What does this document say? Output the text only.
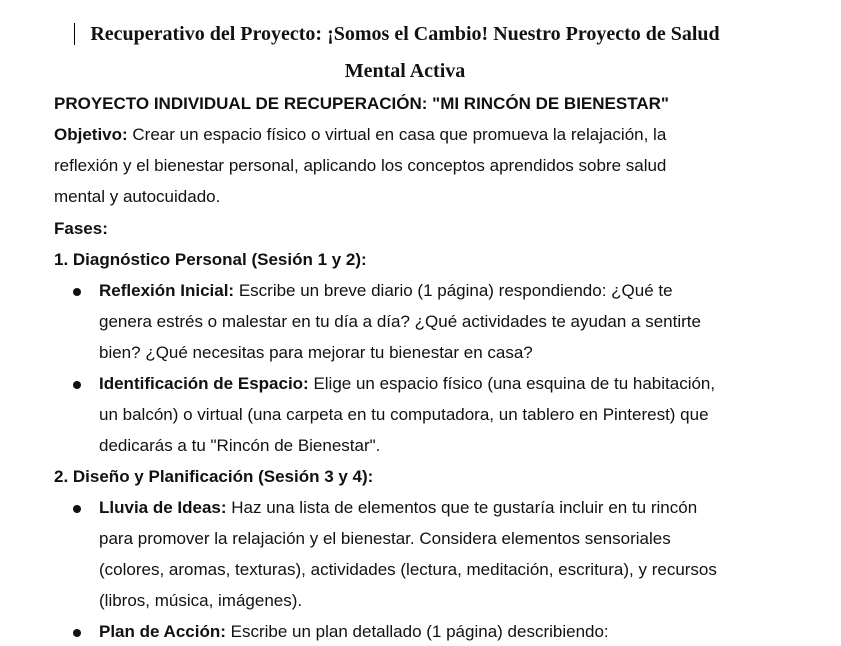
Recuperativo del Proyecto: ¡Somos el Cambio! Nuestro Proyecto de Salud
Mental Activa
PROYECTO INDIVIDUAL DE RECUPERACIÓN: "MI RINCÓN DE BIENESTAR"
Objetivo: Crear un espacio físico o virtual en casa que promueva la relajación, la
reflexión y el bienestar personal, aplicando los conceptos aprendidos sobre salud
mental y autocuidado.
Fases:
1. Diagnóstico Personal (Sesión 1 y 2):
Reflexión Inicial: Escribe un breve diario (1 página) respondiendo: ¿Qué te
genera estrés o malestar en tu día a día? ¿Qué actividades te ayudan a sentirte
bien? ¿Qué necesitas para mejorar tu bienestar en casa?
Identificación de Espacio: Elige un espacio físico (una esquina de tu habitación,
un balcón) o virtual (una carpeta en tu computadora, un tablero en Pinterest) que
dedicarás a tu "Rincón de Bienestar".
2. Diseño y Planificación (Sesión 3 y 4):
Lluvia de Ideas: Haz una lista de elementos que te gustaría incluir en tu rincón
para promover la relajación y el bienestar. Considera elementos sensoriales
(colores, aromas, texturas), actividades (lectura, meditación, escritura), y recursos
(libros, música, imágenes).
Plan de Acción: Escribe un plan detallado (1 página) describiendo:
